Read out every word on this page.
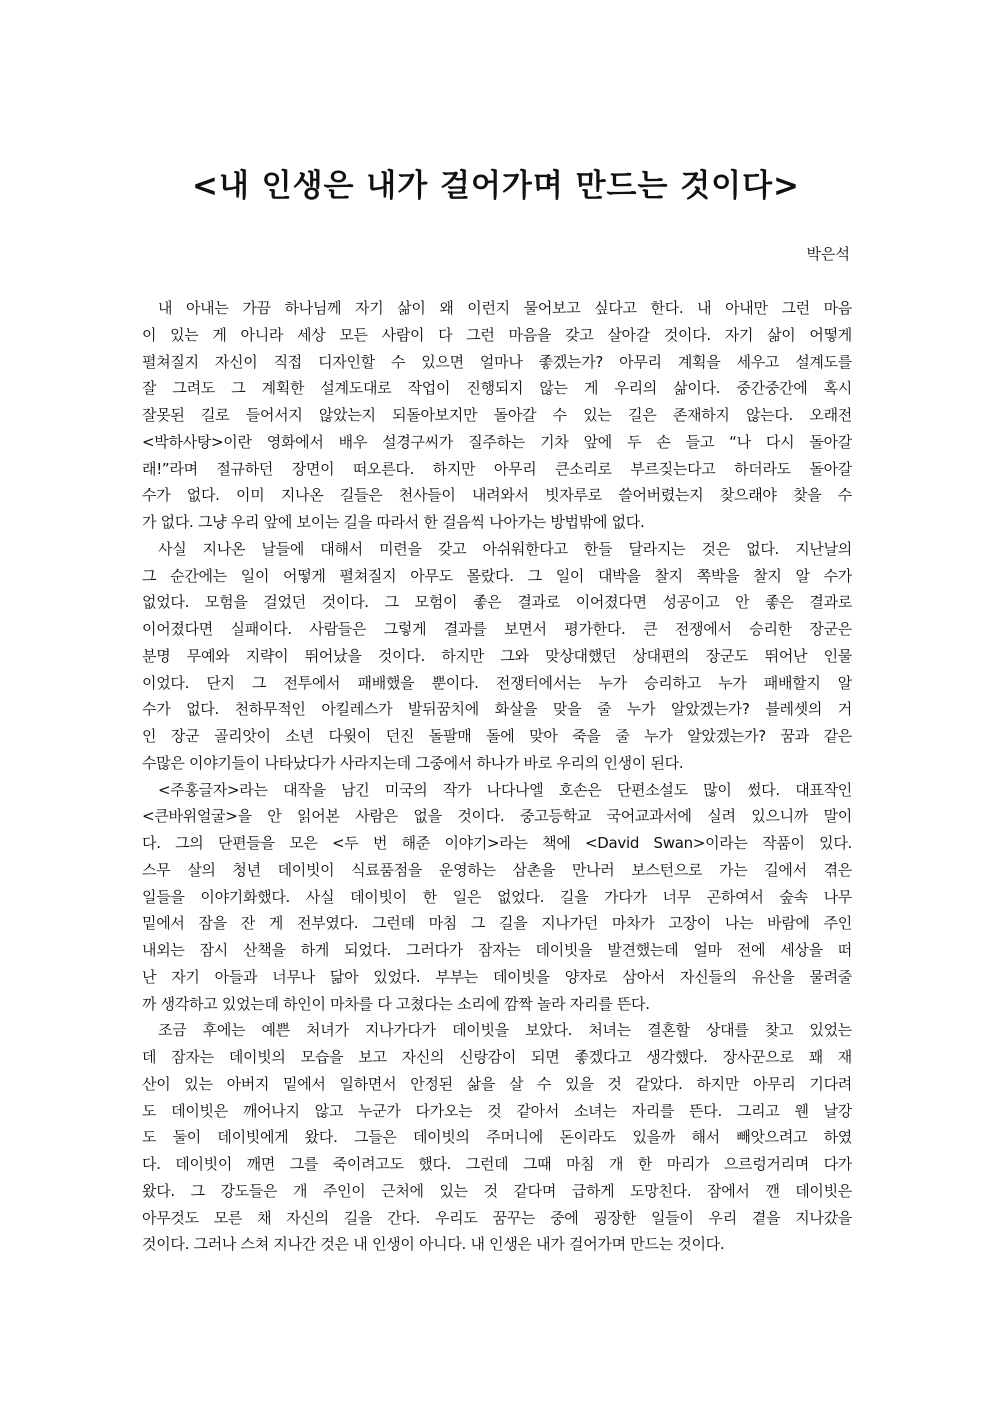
<내 인생은 내가 걸어가며 만드는 것이다>
박은석
내 아내는 가끔 하나님께 자기 삶이 왜 이런지 물어보고 싶다고 한다. 내 아내만 그런 마음
이 있는 게 아니라 세상 모든 사람이 다 그런 마음을 갖고 살아갈 것이다. 자기 삶이 어떻게
펼쳐질지 자신이 직접 디자인할 수 있으면 얼마나 좋겠는가? 아무리 계획을 세우고 설계도를
잘 그려도 그 계획한 설계도대로 작업이 진행되지 않는 게 우리의 삶이다. 중간중간에 혹시
잘못된 길로 들어서지 않았는지 되돌아보지만 돌아갈 수 있는 길은 존재하지 않는다. 오래전
<박하사탕>이란 영화에서 배우 설경구씨가 질주하는 기차 앞에 두 손 들고 “나 다시 돌아갈
래!”라며 절규하던 장면이 떠오른다. 하지만 아무리 큰소리로 부르짖는다고 하더라도 돌아갈
수가 없다. 이미 지나온 길들은 천사들이 내려와서 빗자루로 쓸어버렸는지 찾으래야 찾을 수
가 없다. 그냥 우리 앞에 보이는 길을 따라서 한 걸음씩 나아가는 방법밖에 없다.
사실 지나온 날들에 대해서 미련을 갖고 아쉬워한다고 한들 달라지는 것은 없다. 지난날의
그 순간에는 일이 어떻게 펼쳐질지 아무도 몰랐다. 그 일이 대박을 찰지 쪽박을 찰지 알 수가
없었다. 모험을 걸었던 것이다. 그 모험이 좋은 결과로 이어졌다면 성공이고 안 좋은 결과로
이어졌다면 실패이다. 사람들은 그렇게 결과를 보면서 평가한다. 큰 전쟁에서 승리한 장군은
분명 무예와 지략이 뛰어났을 것이다. 하지만 그와 맞상대했던 상대편의 장군도 뛰어난 인물
이었다. 단지 그 전투에서 패배했을 뿐이다. 전쟁터에서는 누가 승리하고 누가 패배할지 알
수가 없다. 천하무적인 아킬레스가 발뒤꿈치에 화살을 맞을 줄 누가 알았겠는가? 블레셋의 거
인 장군 골리앗이 소년 다윗이 던진 돌팔매 돌에 맞아 죽을 줄 누가 알았겠는가? 꿈과 같은
수많은 이야기들이 나타났다가 사라지는데 그중에서 하나가 바로 우리의 인생이 된다.
<주홍글자>라는 대작을 남긴 미국의 작가 나다나엘 호손은 단편소설도 많이 썼다. 대표작인
<큰바위얼굴>을 안 읽어본 사람은 없을 것이다. 중고등학교 국어교과서에 실려 있으니까 말이
다. 그의 단편들을 모은 <두 번 해준 이야기>라는 책에 <David Swan>이라는 작품이 있다.
스무 살의 청년 데이빗이 식료품점을 운영하는 삼촌을 만나러 보스턴으로 가는 길에서 겪은
일들을 이야기화했다. 사실 데이빗이 한 일은 없었다. 길을 가다가 너무 곤하여서 숲속 나무
밑에서 잠을 잔 게 전부였다. 그런데 마침 그 길을 지나가던 마차가 고장이 나는 바람에 주인
내외는 잠시 산책을 하게 되었다. 그러다가 잠자는 데이빗을 발견했는데 얼마 전에 세상을 떠
난 자기 아들과 너무나 닮아 있었다. 부부는 데이빗을 양자로 삼아서 자신들의 유산을 물려줄
까 생각하고 있었는데 하인이 마차를 다 고쳤다는 소리에 깜짝 놀라 자리를 뜬다.
조금 후에는 예쁜 처녀가 지나가다가 데이빗을 보았다. 처녀는 결혼할 상대를 찾고 있었는
데 잠자는 데이빗의 모습을 보고 자신의 신랑감이 되면 좋겠다고 생각했다. 장사꾼으로 꽤 재
산이 있는 아버지 밑에서 일하면서 안정된 삶을 살 수 있을 것 같았다. 하지만 아무리 기다려
도 데이빗은 깨어나지 않고 누군가 다가오는 것 같아서 소녀는 자리를 뜬다. 그리고 웬 날강
도 둘이 데이빗에게 왔다. 그들은 데이빗의 주머니에 돈이라도 있을까 해서 빼앗으려고 하였
다. 데이빗이 깨면 그를 죽이려고도 했다. 그런데 그때 마침 개 한 마리가 으르렁거리며 다가
왔다. 그 강도들은 개 주인이 근처에 있는 것 같다며 급하게 도망친다. 잠에서 깬 데이빗은
아무것도 모른 채 자신의 길을 간다. 우리도 꿈꾸는 중에 굉장한 일들이 우리 곁을 지나갔을
것이다. 그러나 스쳐 지나간 것은 내 인생이 아니다. 내 인생은 내가 걸어가며 만드는 것이다.
